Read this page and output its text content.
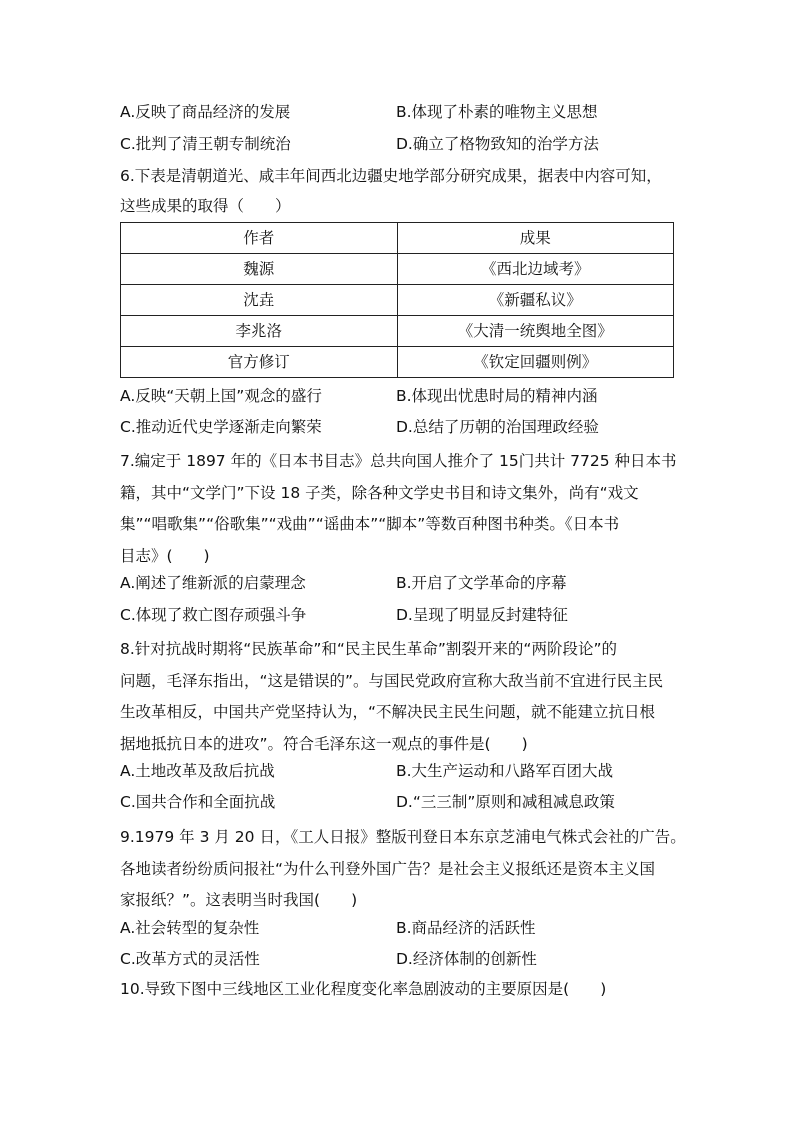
A.反映了商品经济的发展	B.体现了朴素的唯物主义思想
C.批判了清王朝专制统治	D.确立了格物致知的治学方法
6.下表是清朝道光、咸丰年间西北边疆史地学部分研究成果，据表中内容可知，
这些成果的取得（　　）
作者	成果
魏源	《西北边域考》
沈垚	《新疆私议》
李兆洛	《大清一统舆地全图》
官方修订	《钦定回疆则例》
A.反映“天朝上国”观念的盛行	B.体现出忧患时局的精神内涵
C.推动近代史学逐渐走向繁荣	D.总结了历朝的治国理政经验
7.编定于 1897 年的《日本书目志》总共向国人推介了 15门共计 7725 种日本书
籍，其中“文学门”下设 18 子类，除各种文学史书目和诗文集外，尚有“戏文
集”“唱歌集”“俗歌集”“戏曲”“谣曲本”“脚本”等数百种图书种类。《日本书
目志》(　　)
A.阐述了维新派的启蒙理念	B.开启了文学革命的序幕
C.体现了救亡图存顽强斗争	D.呈现了明显反封建特征
8.针对抗战时期将“民族革命”和“民主民生革命”割裂开来的“两阶段论”的
问题，毛泽东指出，“这是错误的”。与国民党政府宣称大敌当前不宜进行民主民
生改革相反，中国共产党坚持认为，“不解决民主民生问题，就不能建立抗日根
据地抵抗日本的进攻”。符合毛泽东这一观点的事件是(　　)
A.土地改革及敌后抗战	B.大生产运动和八路军百团大战
C.国共合作和全面抗战	D.“三三制”原则和减租减息政策
9.1979 年 3 月 20 日，《工人日报》整版刊登日本东京芝浦电气株式会社的广告。
各地读者纷纷质问报社“为什么刊登外国广告？是社会主义报纸还是资本主义国
家报纸？”。这表明当时我国(　　)
A.社会转型的复杂性	B.商品经济的活跃性
C.改革方式的灵活性	D.经济体制的创新性
10.导致下图中三线地区工业化程度变化率急剧波动的主要原因是(　　)
